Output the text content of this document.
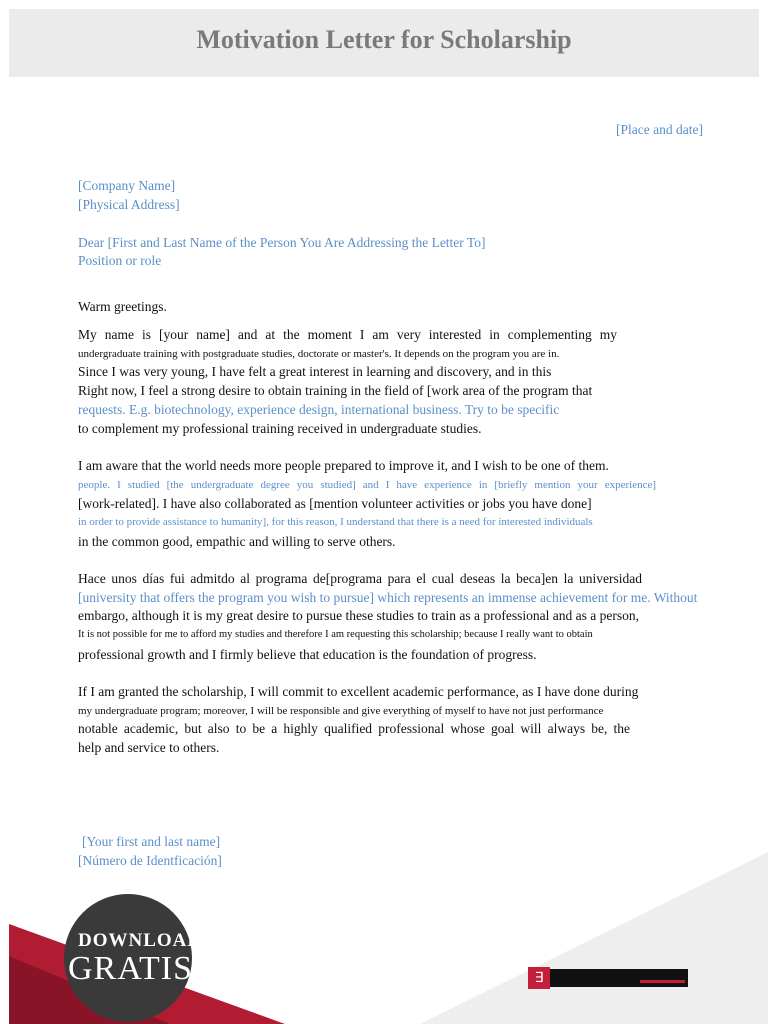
Motivation Letter for Scholarship
[Place and date]

[Company Name]

[Physical Address]

Dear [First and Last Name of the Person You Are Addressing the Letter To]

Position or role

Warm greetings.

My name is [your name] and at the moment I am very interested in complementing my

undergraduate training with postgraduate studies, doctorate or master's. It depends on the program you are in.

Since I was very young, I have felt a great interest in learning and discovery, and in this

Right now, I feel a strong desire to obtain training in the field of [work area of the program that

requests. E.g. biotechnology, experience design, international business. Try to be specific

to complement my professional training received in undergraduate studies.

I am aware that the world needs more people prepared to improve it, and I wish to be one of them.

people. I studied [the undergraduate degree you studied] and I have experience in [briefly mention your experience]

[work-related]. I have also collaborated as [mention volunteer activities or jobs you have done]

in order to provide assistance to humanity], for this reason, I understand that there is a need for interested individuals

in the common good, empathic and willing to serve others.

Hace unos días fui admitdo al programa de[programa para el cual deseas la beca]en la universidad

[university that offers the program you wish to pursue] which represents an immense achievement for me. Without

embargo, although it is my great desire to pursue these studies to train as a professional and as a person,

It is not possible for me to afford my studies and therefore I am requesting this scholarship; because I really want to obtain

professional growth and I firmly believe that education is the foundation of progress.

If I am granted the scholarship, I will commit to excellent academic performance, as I have done during

my undergraduate program; moreover, I will be responsible and give everything of myself to have not just performance

notable academic, but also to be a highly qualified professional whose goal will always be, the

help and service to others.

[Your first and last name]

[Número de Identficación]

DOWNLOAD
GRATIS	∃
